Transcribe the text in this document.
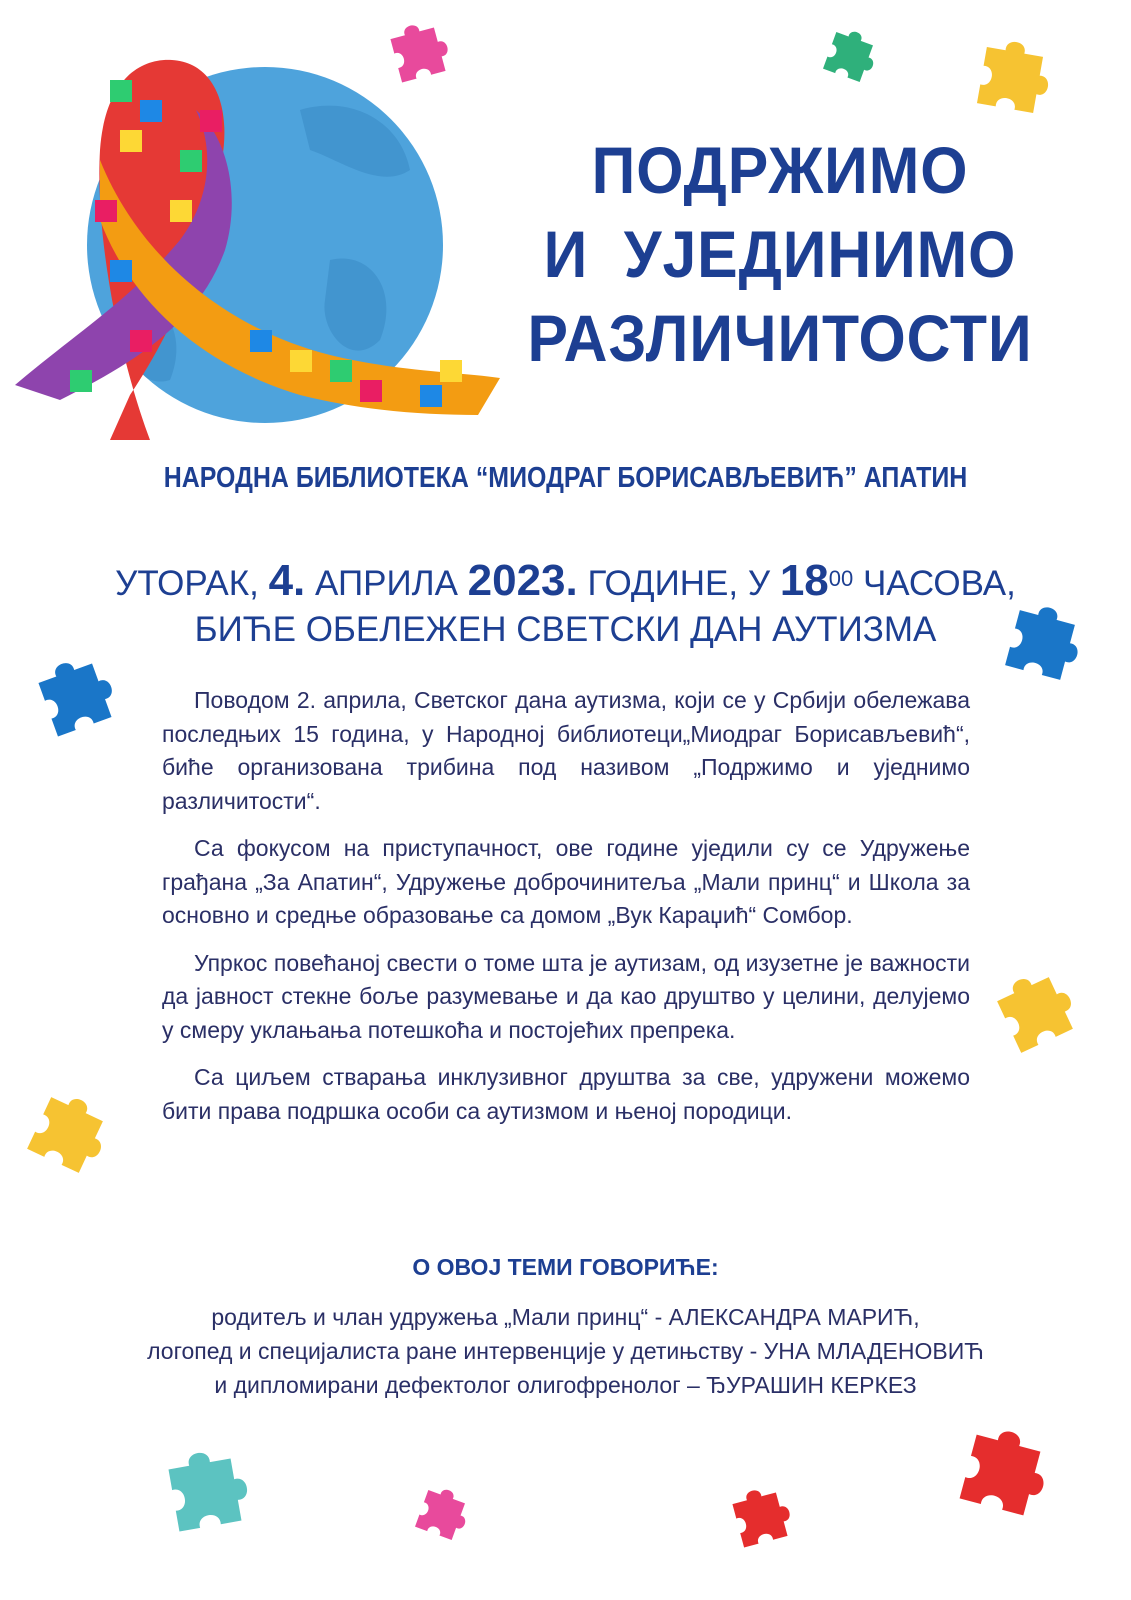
ПОДРЖИМО
И  УЈЕДИНИМО
РАЗЛИЧИТОСТИ
НАРОДНА БИБЛИОТЕКА “МИОДРАГ БОРИСАВЉЕВИЋ” АПАТИН
УТОРАК, 4. АПРИЛА 2023. ГОДИНЕ, У $18^{00}$ ЧАСОВА,
БИЋЕ ОБЕЛЕЖЕН СВЕТСКИ ДАН АУТИЗМА

Поводом 2. априла, Светског дана аутизма, који се у Србији обележава последњих 15 година, у Народној библиотеци„Миодраг Борисављевић“, биће организована трибина под називом „Подржимо и уједнимо различитости“.

Са фокусом на приступачност, ове године уједили су се Удружење грађана „За Апатин“, Удружење доброчинитеља „Мали принц“ и Школа за основно и средње образовање са домом „Вук Караџић“ Сомбор.

Упркос повећаној свести о томе шта је аутизам, од изузетне је важности да јавност стекне боље разумевање и да као друштво у целини, делујемо у смеру уклањања потешкоћа и постојећих препрека.

Са циљем стварања инклузивног друштва за све, удружени можемо бити права подршка особи са аутизмом и њеној породици.

О ОВОЈ ТЕМИ ГОВОРИЋЕ:
родитељ и члан удружења „Мали принц“ - АЛЕКСАНДРА МАРИЋ,
логопед и специјалиста ране интервенције у детињству - УНА МЛАДЕНОВИЋ
и дипломирани дефектолог олигофренолог – ЂУРАШИН КЕРКЕЗ
